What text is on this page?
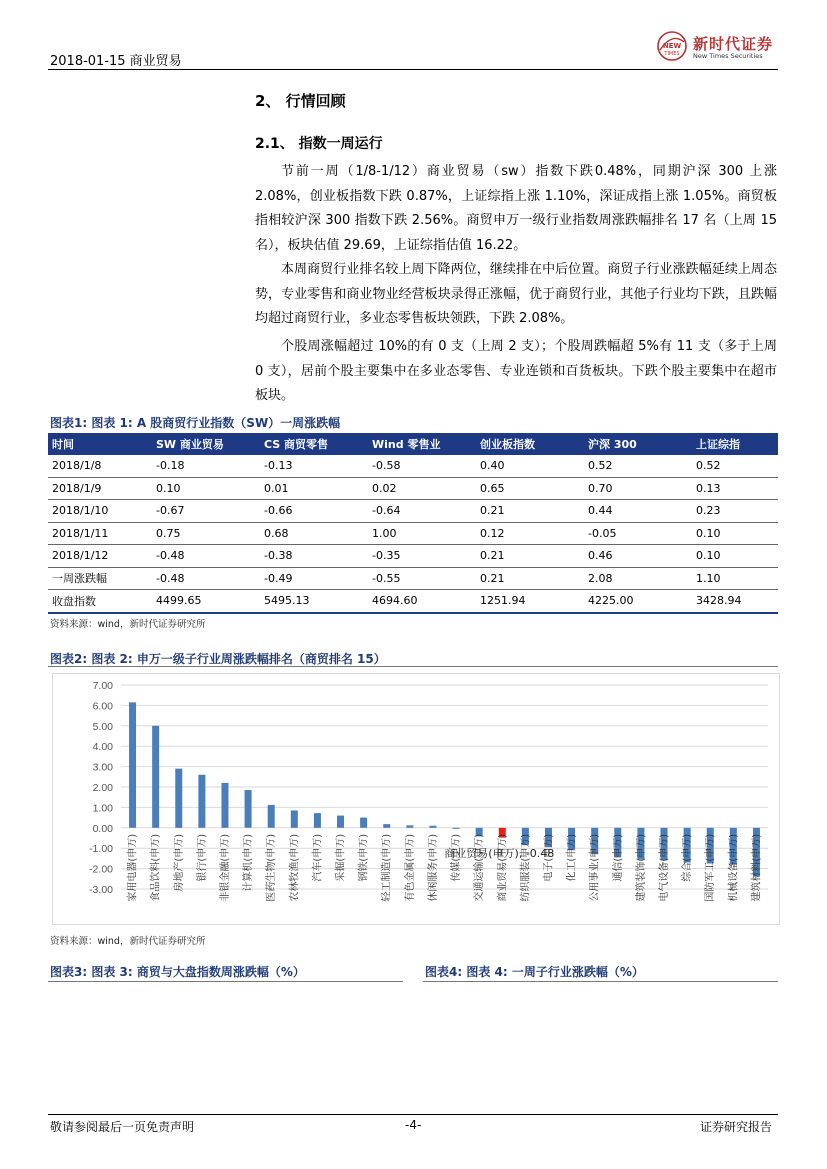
2018-01-15 商业贸易
NEW
TIMES
新时代证券
New Times Securities
2、 行情回顾
2.1、 指数一周运行
节前一周（1/8-1/12）商业贸易（sw）指数下跌0.48%，同期沪深 300 上涨2.08%，创业板指数下跌 0.87%，上证综指上涨 1.10%，深证成指上涨 1.05%。商贸板指相较沪深 300 指数下跌 2.56%。商贸申万一级行业指数周涨跌幅排名 17 名（上周 15 名），板块估值 29.69，上证综指估值 16.22。
本周商贸行业排名较上周下降两位，继续排在中后位置。商贸子行业涨跌幅延续上周态势，专业零售和商业物业经营板块录得正涨幅，优于商贸行业，其他子行业均下跌，且跌幅均超过商贸行业，多业态零售板块领跌，下跌 2.08%。
个股周涨幅超过 10%的有 0 支（上周 2 支）；个股周跌幅超 5%有 11 支（多于上周 0 支），居前个股主要集中在多业态零售、专业连锁和百货板块。下跌个股主要集中在超市板块。
图表1: 图表 1: A 股商贸行业指数（SW）一周涨跌幅
时间	SW 商业贸易	CS 商贸零售	Wind 零售业	创业板指数	沪深 300	上证综指
2018/1/8	-0.18	-0.13	-0.58	0.40	0.52	0.52
2018/1/9	0.10	0.01	0.02	0.65	0.70	0.13
2018/1/10	-0.67	-0.66	-0.64	0.21	0.44	0.23
2018/1/11	0.75	0.68	1.00	0.12	-0.05	0.10
2018/1/12	-0.48	-0.38	-0.35	0.21	0.46	0.10
一周涨跌幅	-0.48	-0.49	-0.55	0.21	2.08	1.10
收盘指数	4499.65	5495.13	4694.60	1251.94	4225.00	3428.94
资料来源：wind，新时代证券研究所
图表2: 图表 2: 申万一级子行业周涨跌幅排名（商贸排名 15）
7.00
6.00
5.00
4.00
3.00
2.00
1.00
0.00
-1.00
-2.00
-3.00 家用电器(申万) 食品饮料(申万) 房地产(申万) 银行(申万) 非银金融(申万) 计算机(申万) 医药生物(申万) 农林牧渔(申万) 汽车(申万) 采掘(申万) 钢铁(申万) 轻工制造(申万) 有色金属(申万) 休闲服务(申万) 传媒(申万) 交通运输(申万) 商业贸易(申万) 纺织服装(申万) 电子(申万) 化工(申万) 公用事业(申万) 通信(申万) 建筑装饰(申万) 电气设备(申万) 综合(申万) 国防军工(申万) 机械设备(申万) 建筑材料(申万)
商业贸易(申万), -0.48
资料来源：wind，新时代证券研究所
图表3: 图表 3: 商贸与大盘指数周涨跌幅（%）	图表4: 图表 4: 一周子行业涨跌幅（%）
敬请参阅最后一页免责声明	-4-	证券研究报告
